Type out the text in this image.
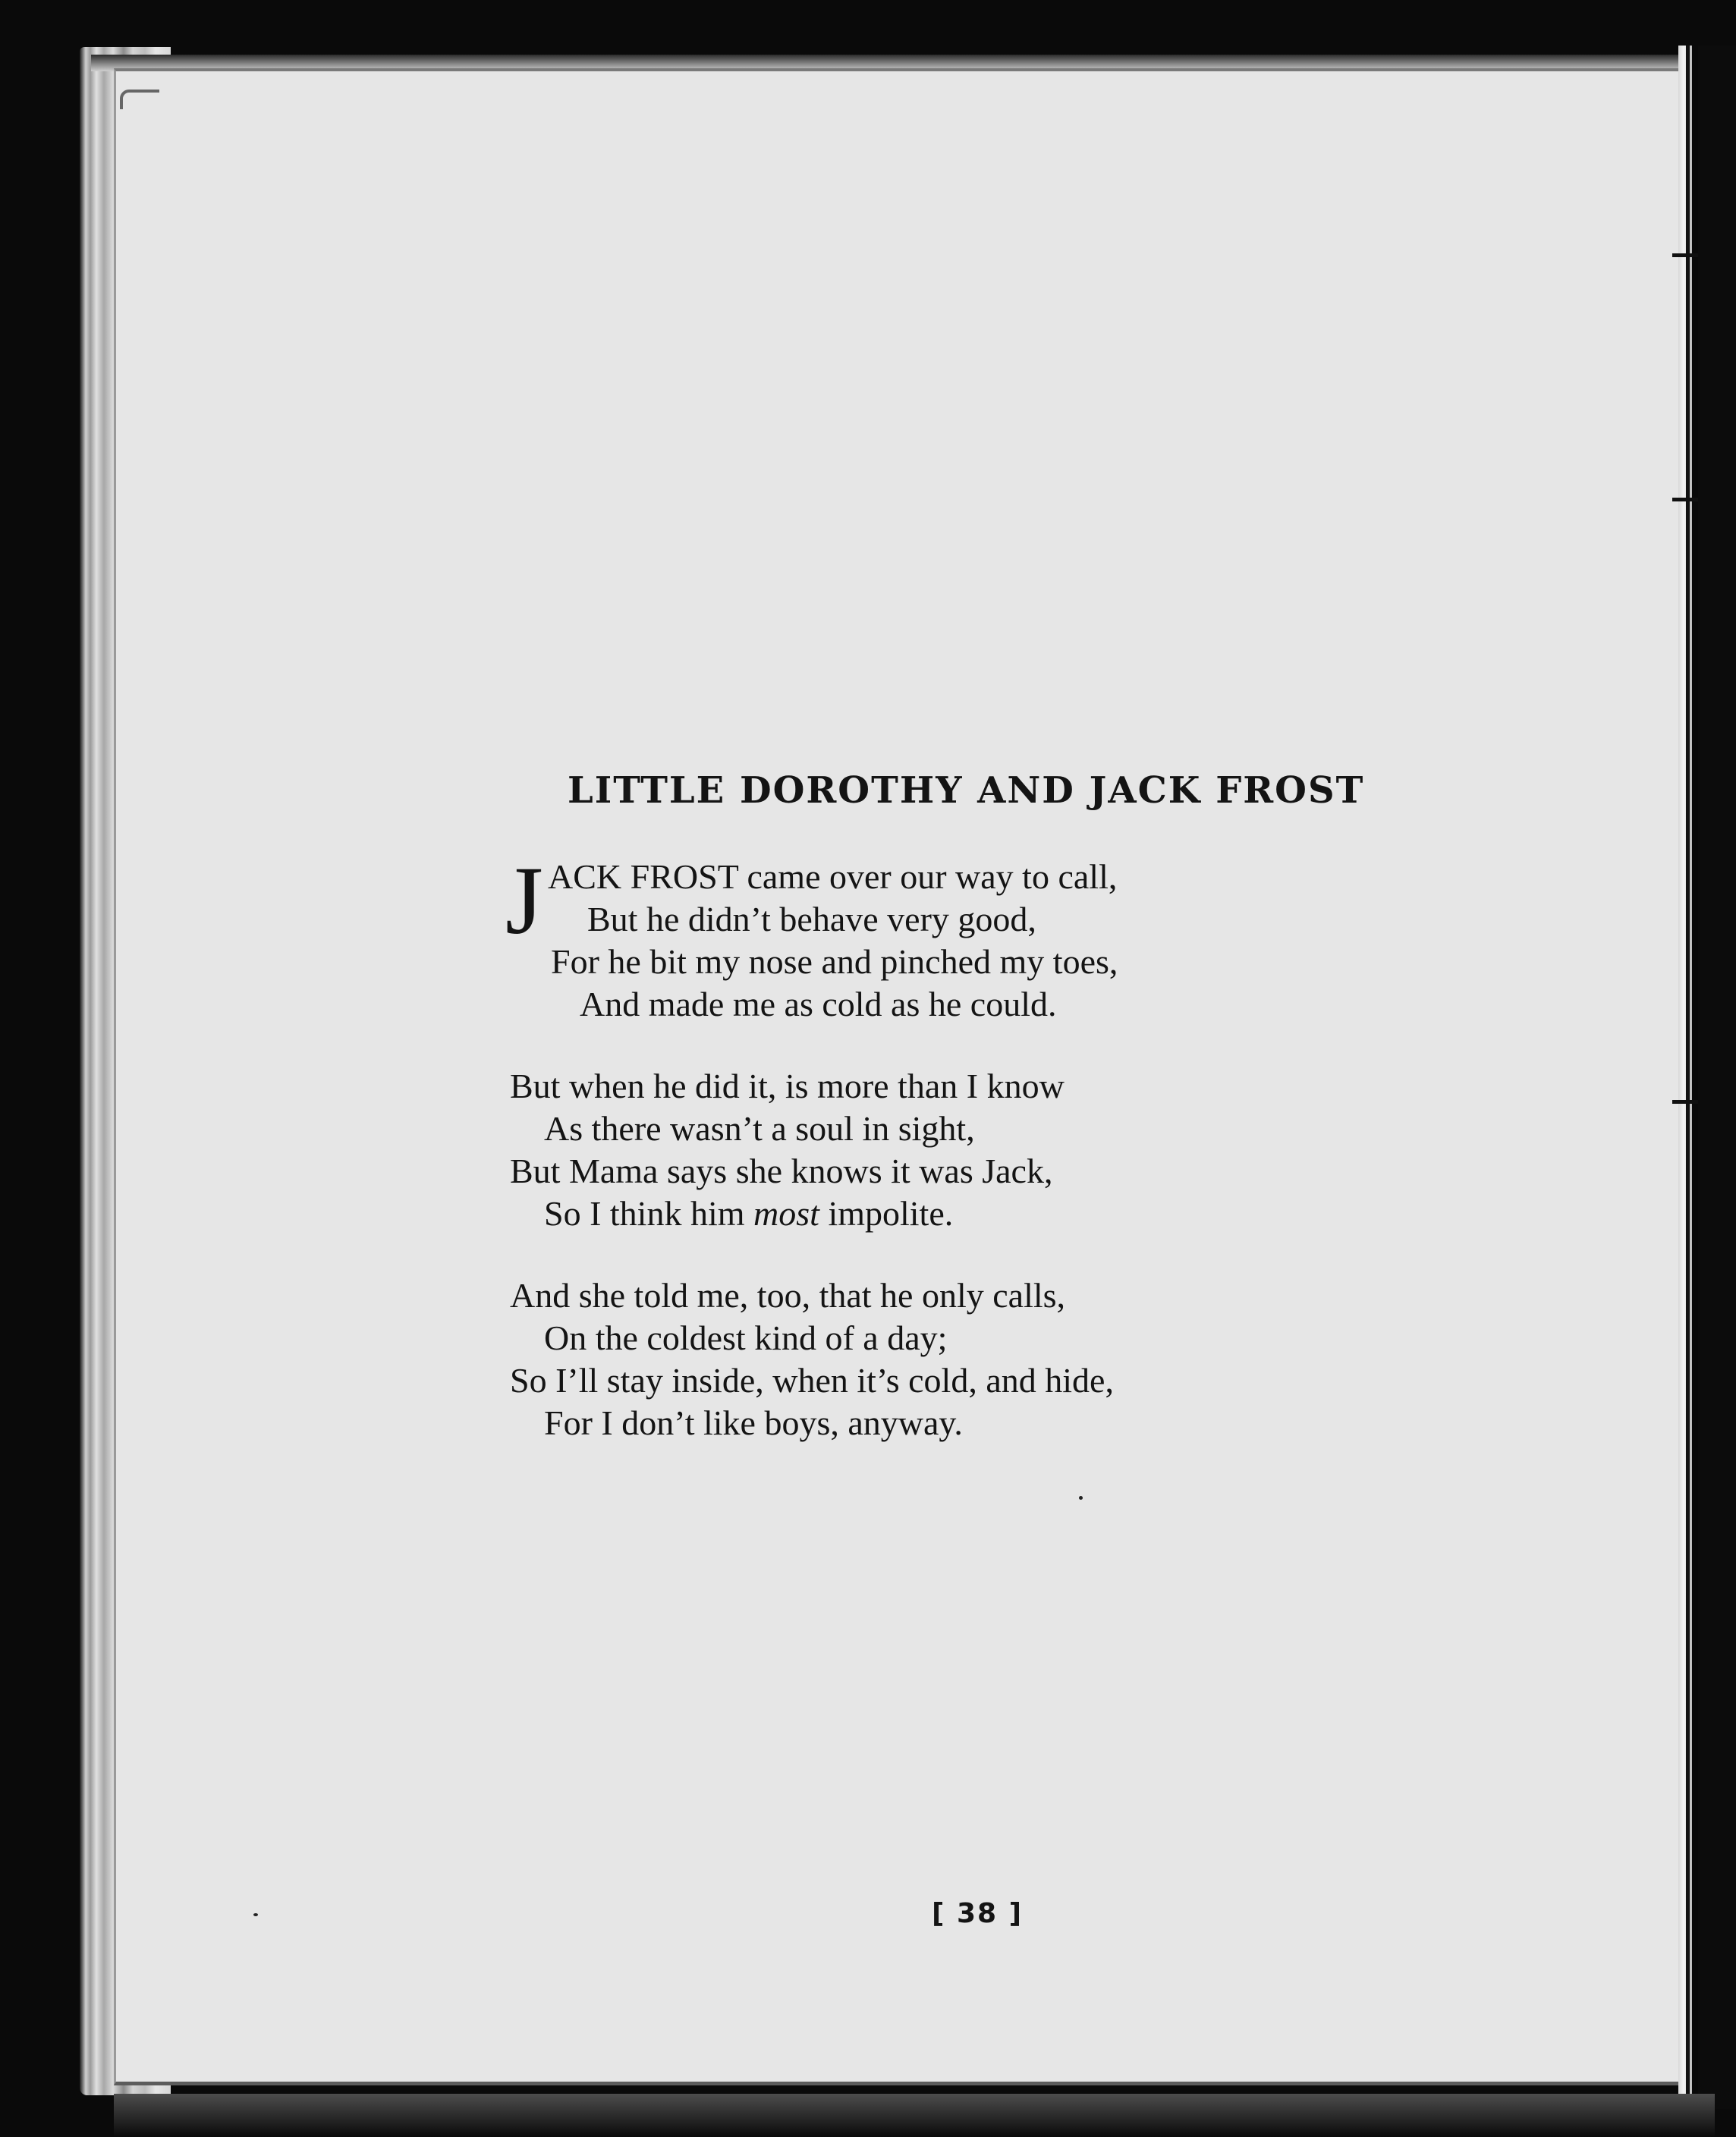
LITTLE DOROTHY AND JACK FROST
J ACK FROST came over our way to call,
But he didn’t behave very good,
For he bit my nose and pinched my toes,
And made me as cold as he could.
But when he did it, is more than I know
As there wasn’t a soul in sight,
But Mama says she knows it was Jack,
So I think him most impolite.
And she told me, too, that he only calls,
On the coldest kind of a day;
So I’ll stay inside, when it’s cold, and hide,
For I don’t like boys, anyway.
[ 38 ]
